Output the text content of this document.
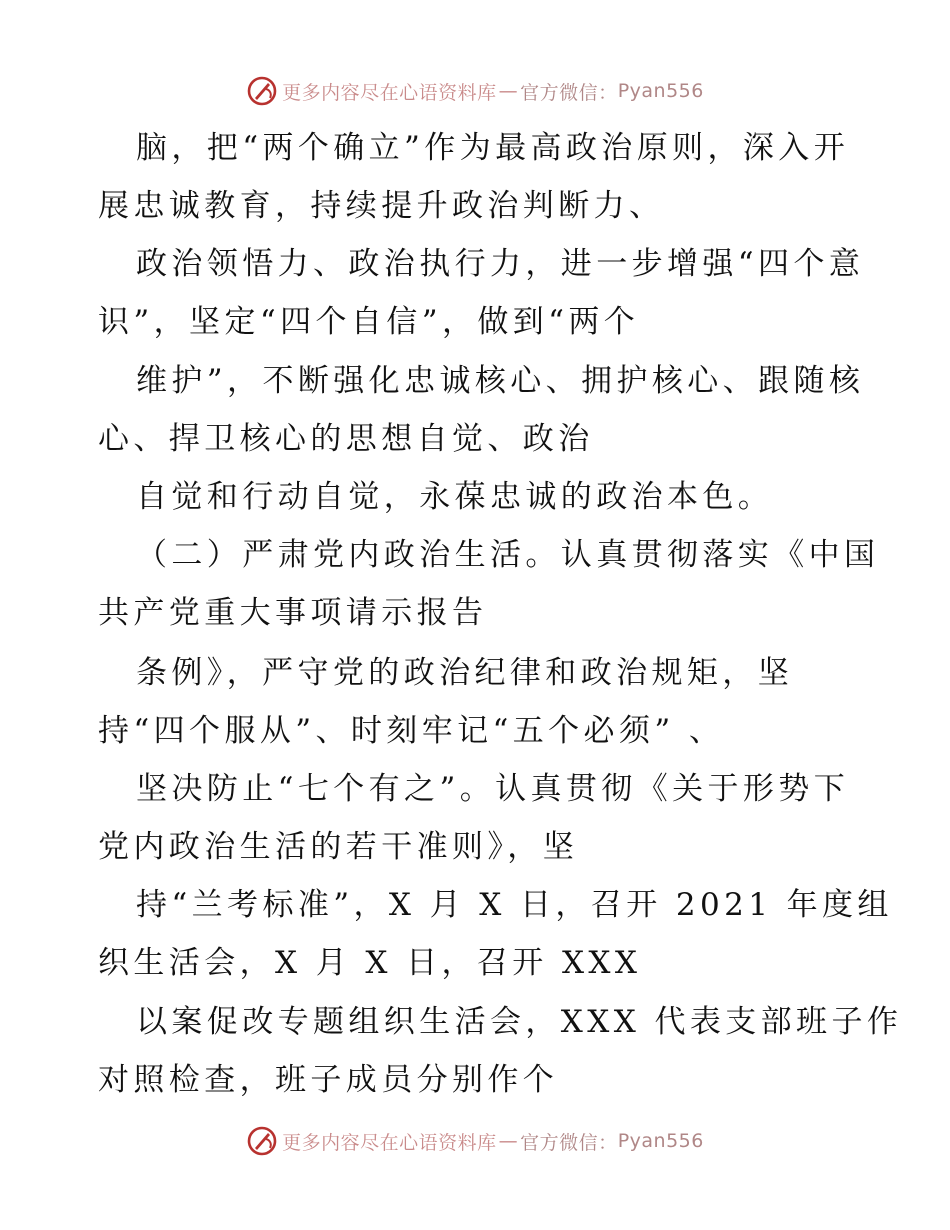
更多内容尽在心语资料库 — 官方微信： Pyan556
脑，把“两个确立”作为最高政治原则，深入开
展忠诚教育，持续提升政治判断力、
政治领悟力、政治执行力，进一步增强“四个意
识”，坚定“四个自信”，做到“两个
维护”，不断强化忠诚核心、拥护核心、跟随核
心、捍卫核心的思想自觉、政治
自觉和行动自觉，永葆忠诚的政治本色。
（二）严肃党内政治生活。认真贯彻落实《中国
共产党重大事项请示报告
条例》，严守党的政治纪律和政治规矩，坚
持“四个服从”、时刻牢记“五个必须” 、
坚决防止“七个有之”。认真贯彻《关于形势下
党内政治生活的若干准则》，坚
持“兰考标准”，X 月 X 日，召开 2021 年度组
织生活会，X 月 X 日，召开 XXX
以案促改专题组织生活会，XXX 代表支部班子作
对照检查，班子成员分别作个
更多内容尽在心语资料库 — 官方微信： Pyan556
